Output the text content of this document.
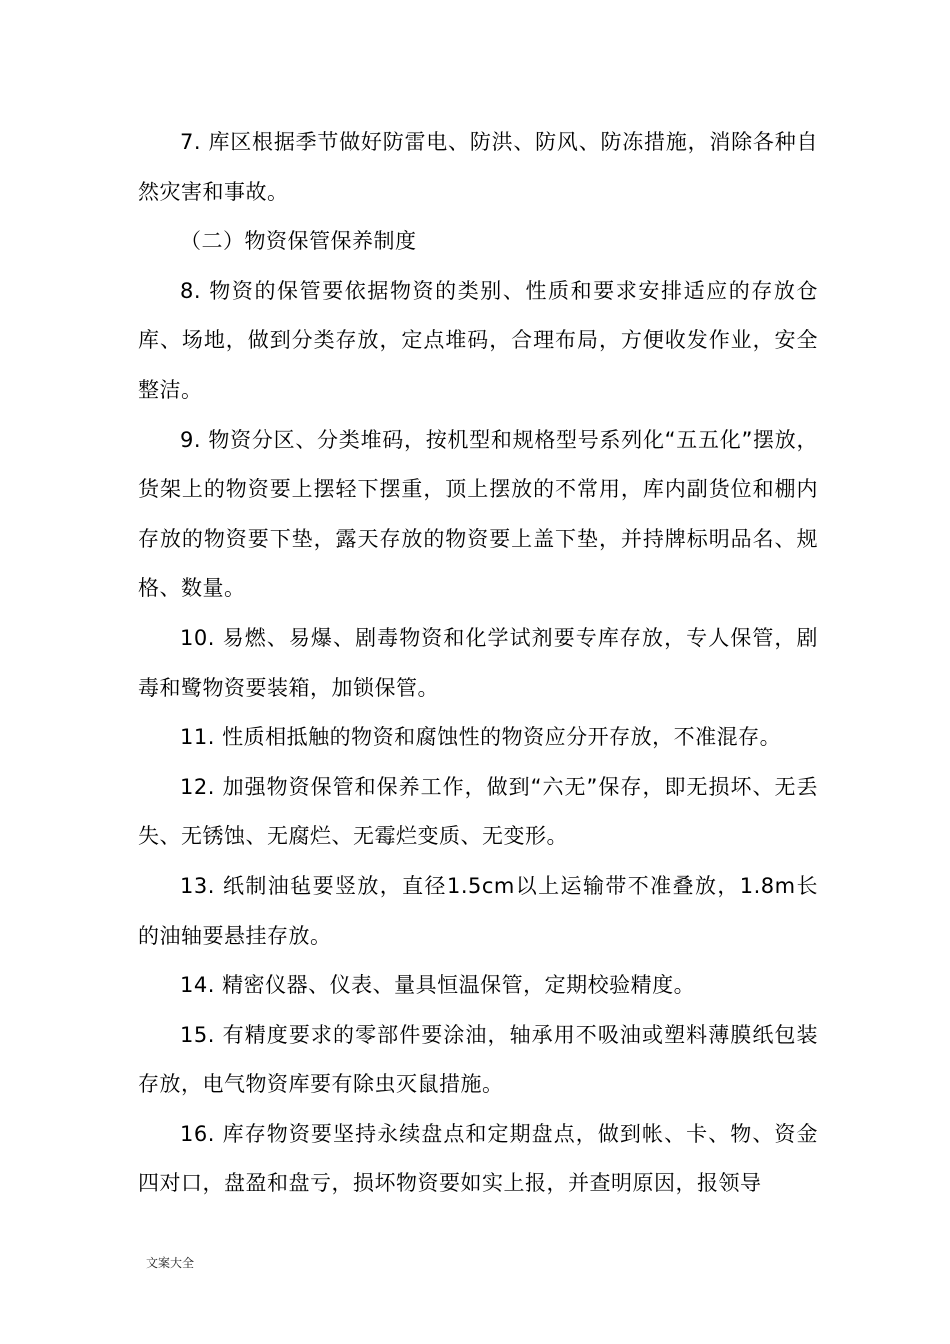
7. 库区根据季节做好防雷电、防洪、防风、防冻措施，消除各种自然灾害和事故。

（二）物资保管保养制度

8. 物资的保管要依据物资的类别、性质和要求安排适应的存放仓库、场地，做到分类存放，定点堆码，合理布局，方便收发作业，安全整洁。

9. 物资分区、分类堆码，按机型和规格型号系列化“五五化”摆放，货架上的物资要上摆轻下摆重，顶上摆放的不常用，库内副货位和棚内存放的物资要下垫，露天存放的物资要上盖下垫，并持牌标明品名、规格、数量。

10. 易燃、易爆、剧毒物资和化学试剂要专库存放，专人保管，剧毒和鹭物资要装箱，加锁保管。

11. 性质相抵触的物资和腐蚀性的物资应分开存放，不准混存。

12. 加强物资保管和保养工作，做到“六无”保存，即无损坏、无丢失、无锈蚀、无腐烂、无霉烂变质、无变形。

13. 纸制油毡要竖放，直径1.5cm以上运输带不准叠放，1.8m长的油轴要悬挂存放。

14. 精密仪器、仪表、量具恒温保管，定期校验精度。

15. 有精度要求的零部件要涂油，轴承用不吸油或塑料薄膜纸包装存放，电气物资库要有除虫灭鼠措施。

16. 库存物资要坚持永续盘点和定期盘点，做到帐、卡、物、资金四对口，盘盈和盘亏，损坏物资要如实上报，并查明原因，报领导

文案大全
